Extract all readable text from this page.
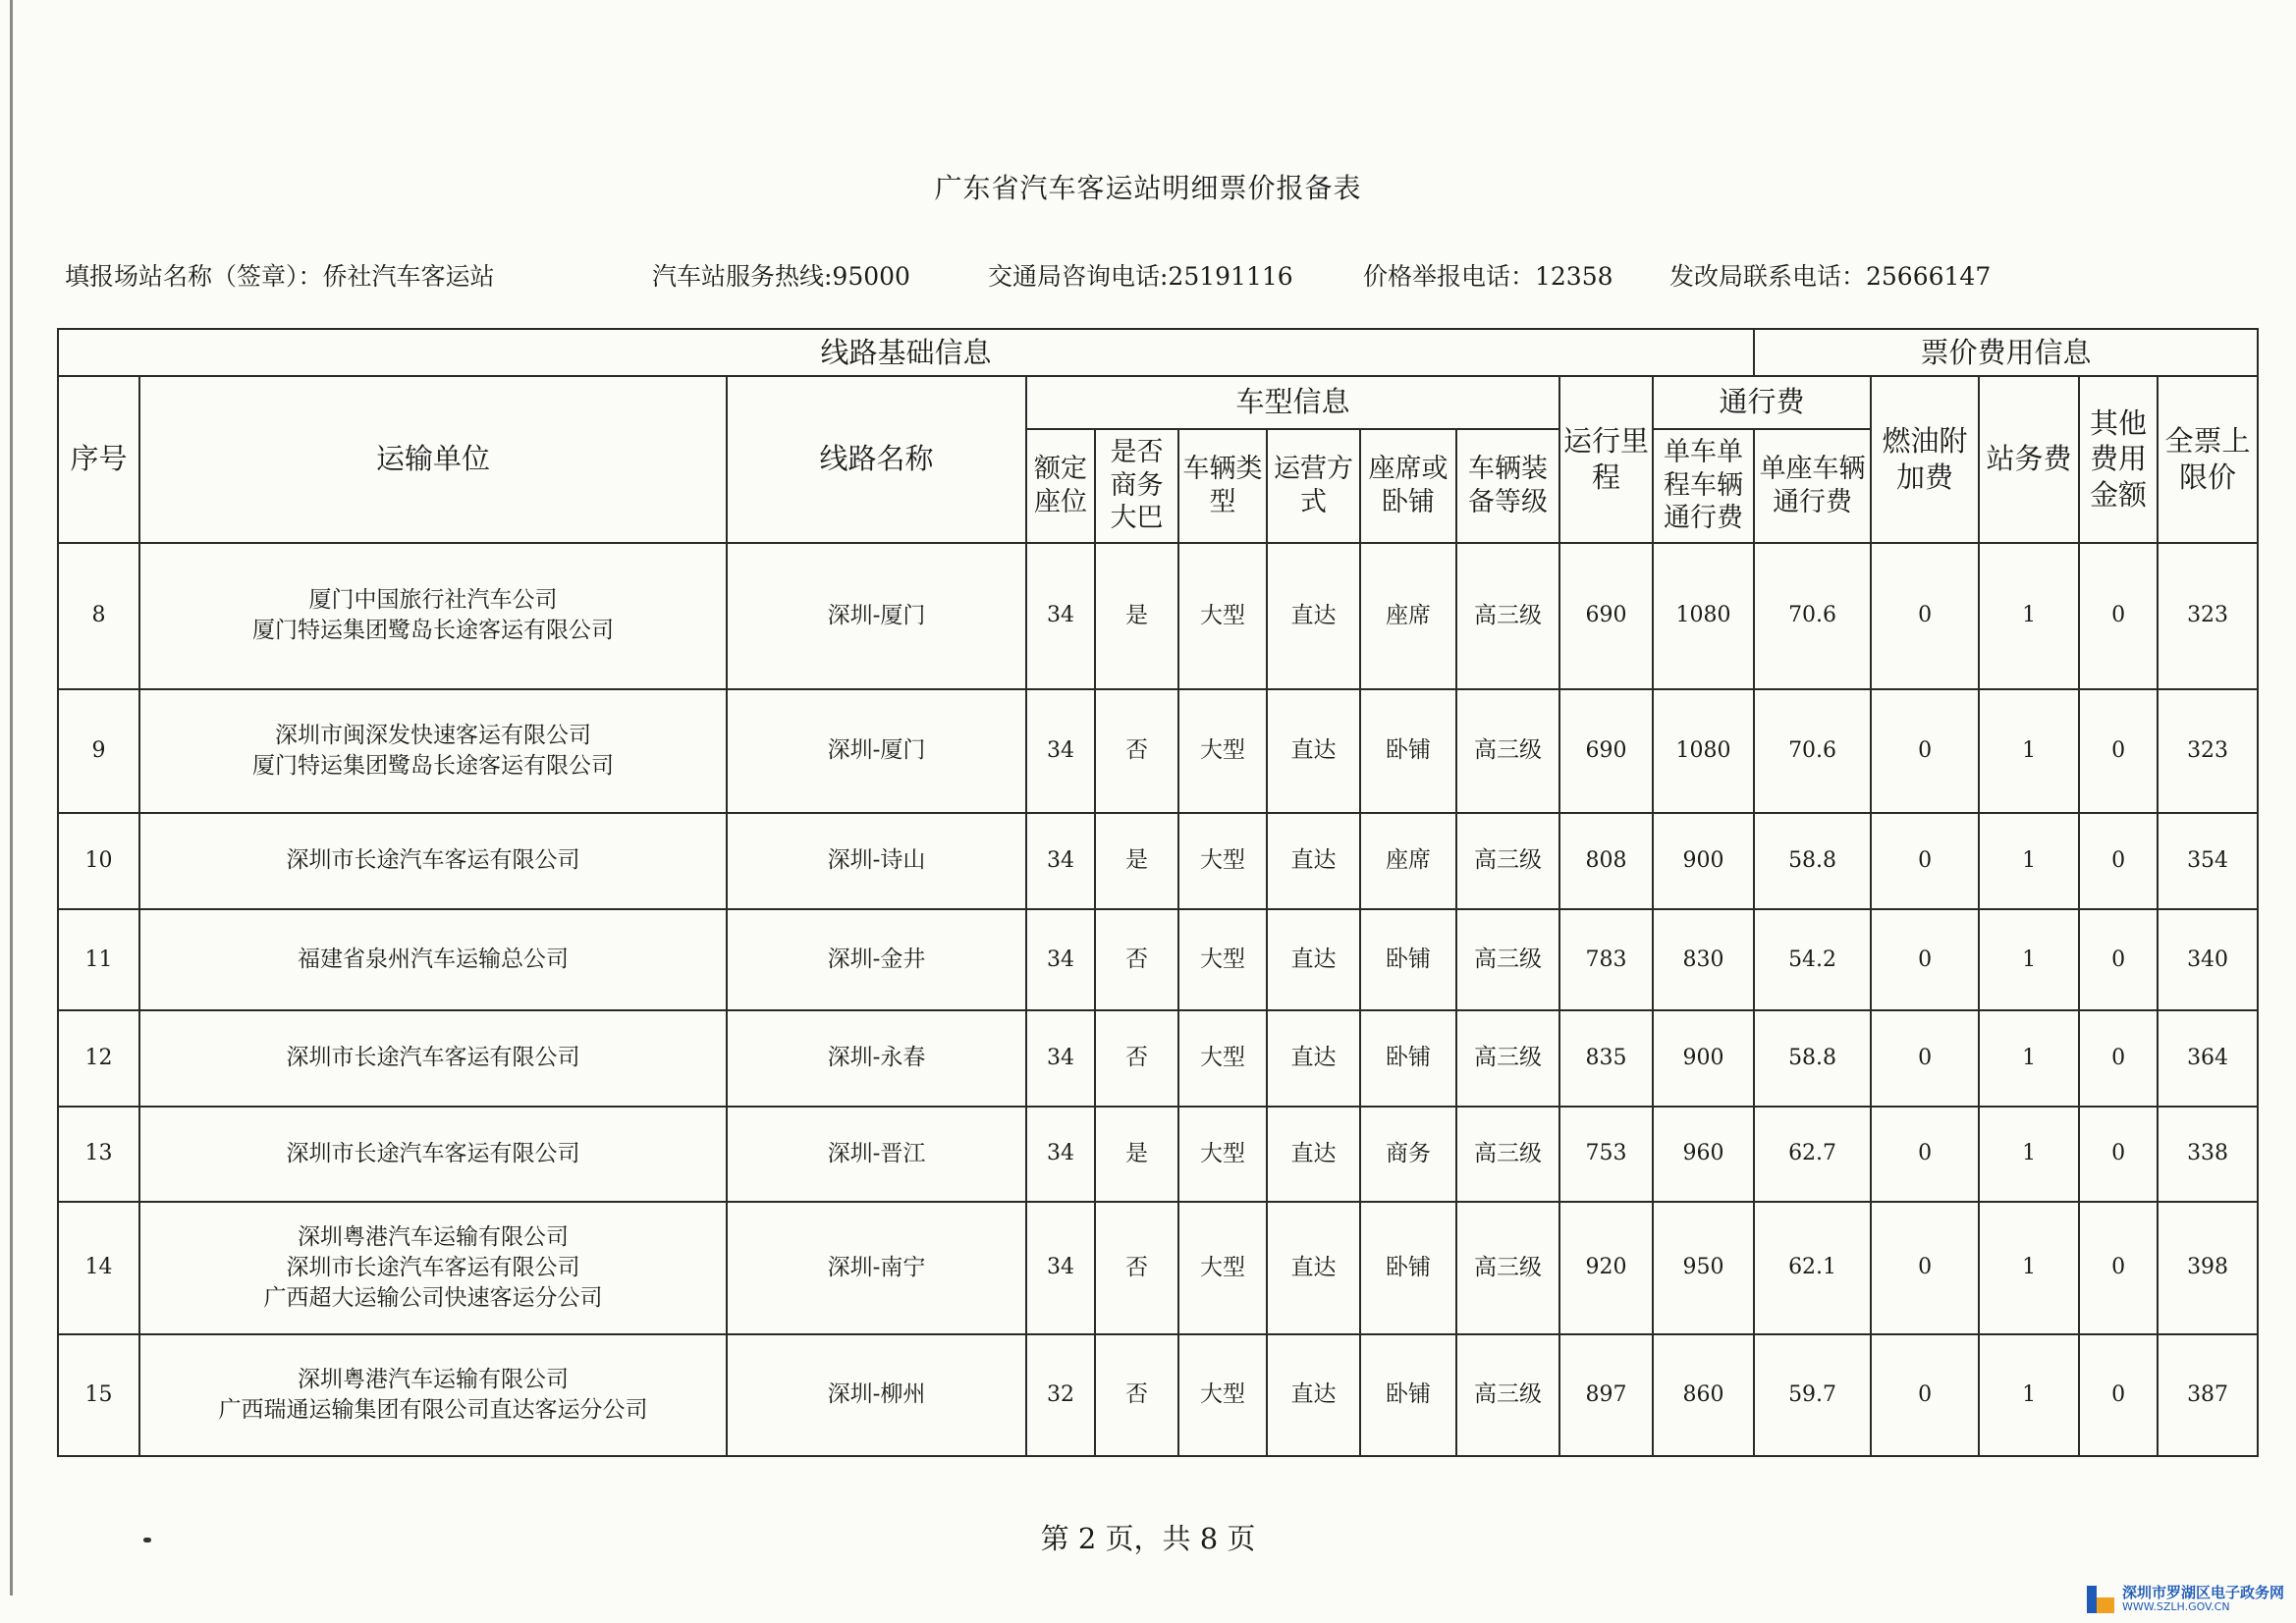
广东省汽车客运站明细票价报备表
填报场站名称（签章）：侨社汽车客运站	汽车站服务热线:95000	交通局咨询电话:25191116	价格举报电话：12358 发改局联系电话：25666147
线路基础信息											票价费用信息				
序号	运输单位	线路名称	车型信息						运行里程	通行费		燃油附加费	站务费	其他费用金额	全票上限价
			额定座位	是否商务大巴	车辆类型	运营方式	座席或卧铺	车辆装备等级		单车单程车辆通行费	单座车辆通行费				

8	厦门中国旅行社汽车公司
厦门特运集团鹭岛长途客运有限公司	深圳-厦门	34	是	大型	直达	座席	高三级	690	1080	70.6	0	1	0	323
9	深圳市闽深发快速客运有限公司
厦门特运集团鹭岛长途客运有限公司	深圳-厦门	34	否	大型	直达	卧铺	高三级	690	1080	70.6	0	1	0	323
10	深圳市长途汽车客运有限公司	深圳-诗山	34	是	大型	直达	座席	高三级	808	900	58.8	0	1	0	354
11	福建省泉州汽车运输总公司	深圳-金井	34	否	大型	直达	卧铺	高三级	783	830	54.2	0	1	0	340
12	深圳市长途汽车客运有限公司	深圳-永春	34	否	大型	直达	卧铺	高三级	835	900	58.8	0	1	0	364
13	深圳市长途汽车客运有限公司	深圳-晋江	34	是	大型	直达	商务	高三级	753	960	62.7	0	1	0	338
14	深圳粤港汽车运输有限公司
深圳市长途汽车客运有限公司
广西超大运输公司快速客运分公司	深圳-南宁	34	否	大型	直达	卧铺	高三级	920	950	62.1	0	1	0	398
15	深圳粤港汽车运输有限公司
广西瑞通运输集团有限公司直达客运分公司	深圳-柳州	32	否	大型	直达	卧铺	高三级	897	860	59.7	0	1	0	387
第 2 页，共 8 页
深圳市罗湖区电子政务网
WWW.SZLH.GOV.CN
